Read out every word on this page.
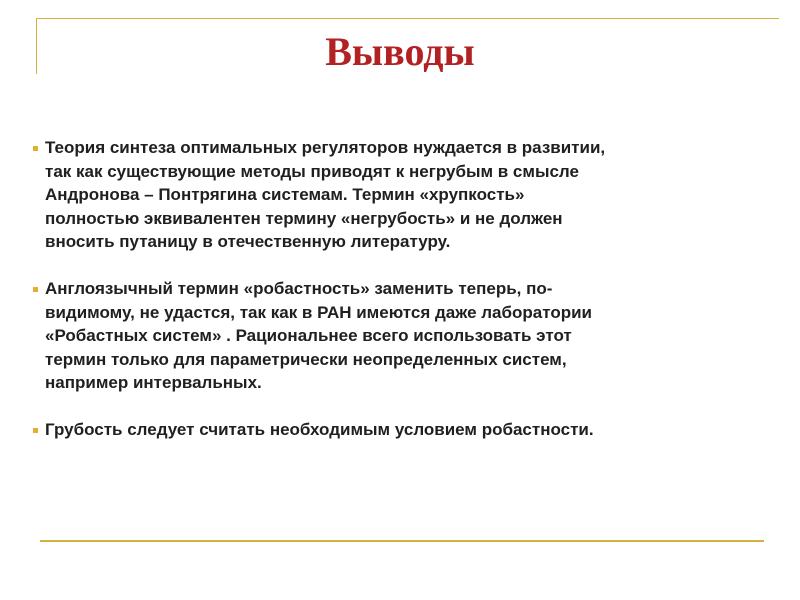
Выводы
Теория синтеза оптимальных регуляторов нуждается в развитии,
так как существующие методы приводят к негрубым в смысле
Андронова – Понтрягина системам. Термин «хрупкость»
полностью эквивалентен термину «негрубость» и не должен
вносить путаницу в отечественную литературу.
Англоязычный термин «робастность» заменить теперь, по-
видимому, не удастся, так как в РАН имеются даже лаборатории
«Робастных систем» . Рациональнее всего использовать этот
термин только для параметрически неопределенных систем,
например интервальных.
Грубость следует считать необходимым условием робастности.
